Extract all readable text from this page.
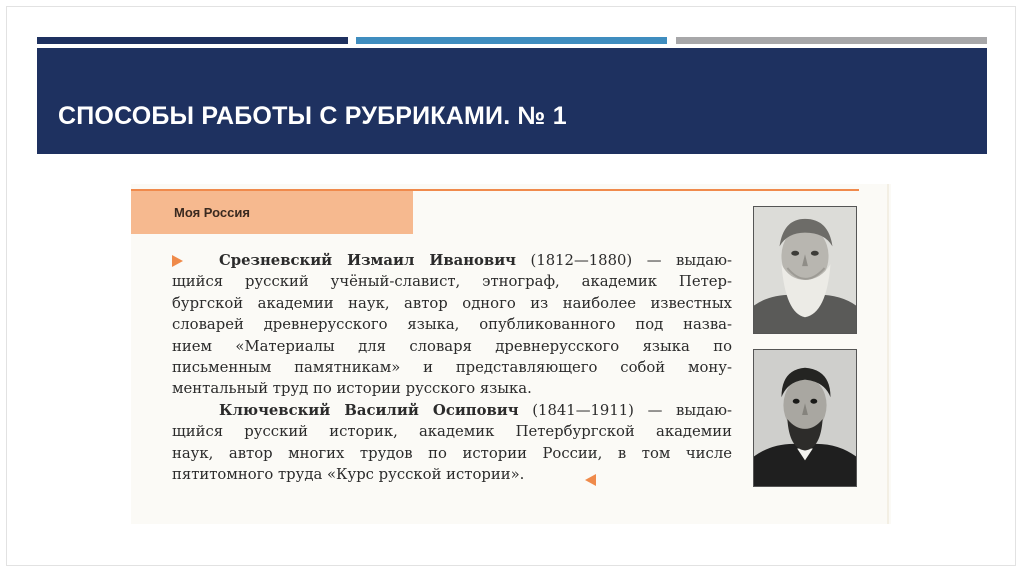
СПОСОБЫ РАБОТЫ С РУБРИКАМИ. № 1

Моя Россия

Срезневский Измаил Иванович (1812—1880) — выдаю-
щийся русский учёный-славист, этнограф, академик Петер-
бургской академии наук, автор одного из наиболее известных
словарей древнерусского языка, опубликованного под назва-
нием «Материалы для словаря древнерусского языка по
письменным памятникам» и представляющего собой мону-
ментальный труд по истории русского языка.
Ключевский Василий Осипович (1841—1911) — выдаю-
щийся русский историк, академик Петербургской академии
наук, автор многих трудов по истории России, в том числе
пятитомного труда «Курс русской истории».
